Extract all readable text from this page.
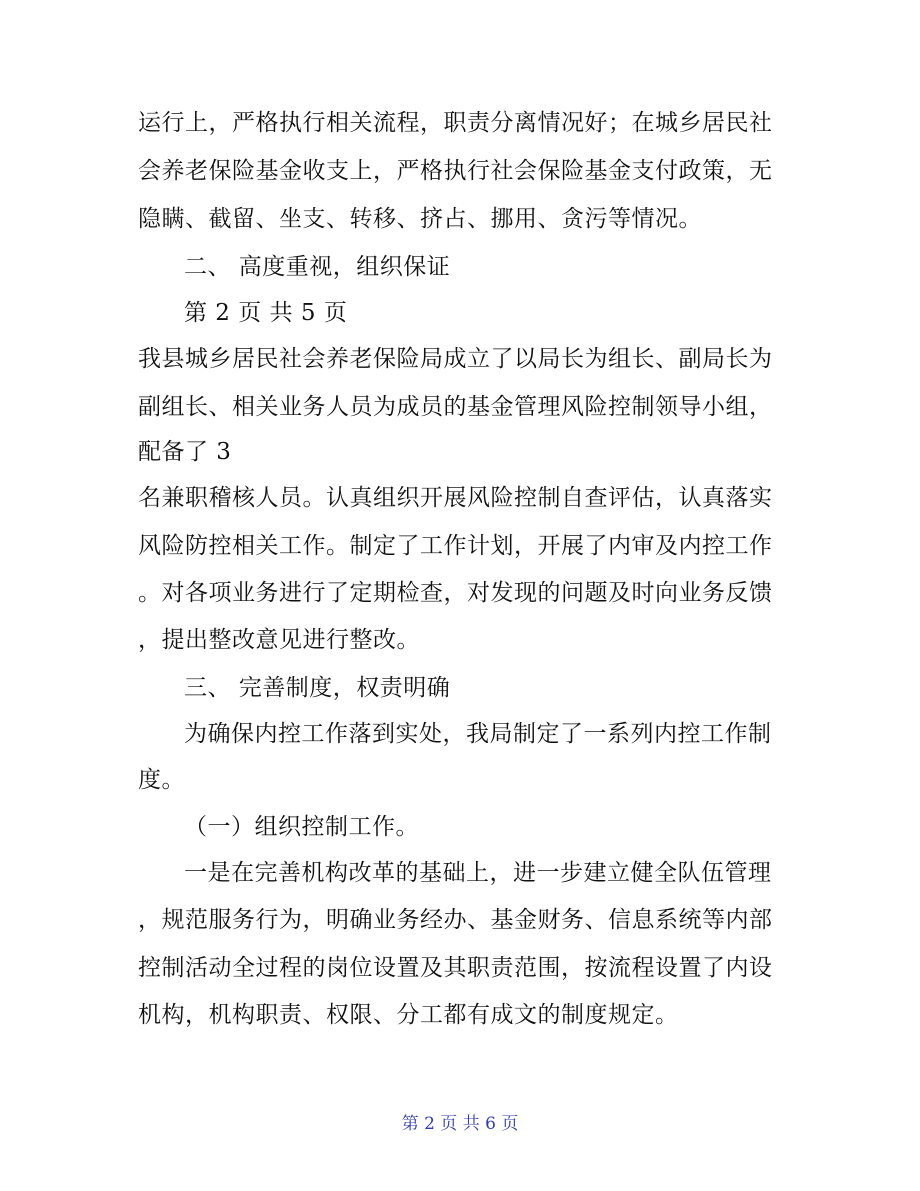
运行上，严格执行相关流程，职责分离情况好；在城乡居民社
会养老保险基金收支上，严格执行社会保险基金支付政策，无
隐瞒、截留、坐支、转移、挤占、挪用、贪污等情况。
二、 高度重视，组织保证
第 2 页 共 5 页
我县城乡居民社会养老保险局成立了以局长为组长、副局长为
副组长、相关业务人员为成员的基金管理风险控制领导小组，
配备了 3
名兼职稽核人员。认真组织开展风险控制自查评估，认真落实
风险防控相关工作。制定了工作计划，开展了内审及内控工作
。对各项业务进行了定期检查，对发现的问题及时向业务反馈
，提出整改意见进行整改。
三、 完善制度，权责明确
为确保内控工作落到实处，我局制定了一系列内控工作制
度。
（一）组织控制工作。
一是在完善机构改革的基础上，进一步建立健全队伍管理
，规范服务行为，明确业务经办、基金财务、信息系统等内部
控制活动全过程的岗位设置及其职责范围，按流程设置了内设
机构，机构职责、权限、分工都有成文的制度规定。
第 2 页 共 6 页
